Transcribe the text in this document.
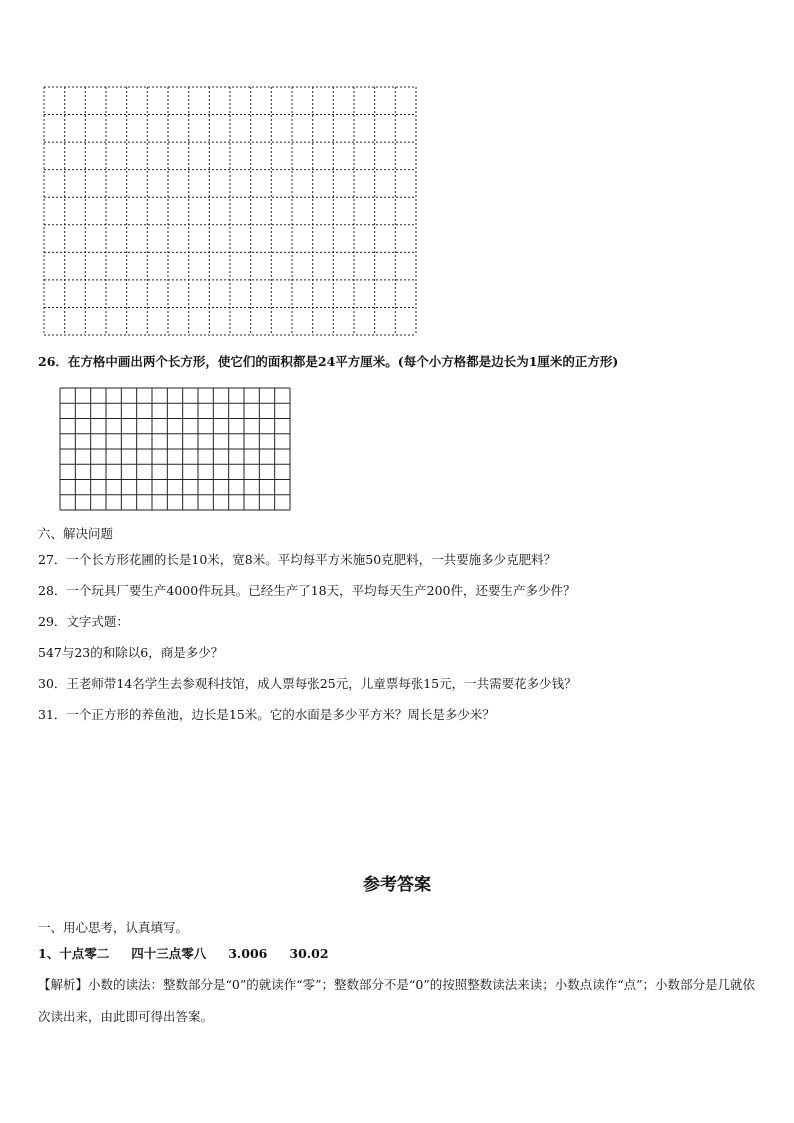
26．在方格中画出两个长方形，使它们的面积都是24平方厘米。(每个小方格都是边长为1厘米的正方形)
六、解决问题
27．一个长方形花圃的长是10米，宽8米。平均每平方米施50克肥料，一共要施多少克肥料？
28．一个玩具厂要生产4000件玩具。已经生产了18天，平均每天生产200件，还要生产多少件？
29．文字式题：
547与23的和除以6，商是多少？
30．王老师带14名学生去参观科技馆，成人票每张25元，儿童票每张15元，一共需要花多少钱？
31．一个正方形的养鱼池，边长是15米。它的水面是多少平方米？周长是多少米？
参考答案
一、用心思考，认真填写。
1、十点零二 四十三点零八 3.006 30.02
【解析】小数的读法：整数部分是“0”的就读作“零”；整数部分不是“0”的按照整数读法来读；小数点读作“点”；小数部分是几就依次读出来，由此即可得出答案。
